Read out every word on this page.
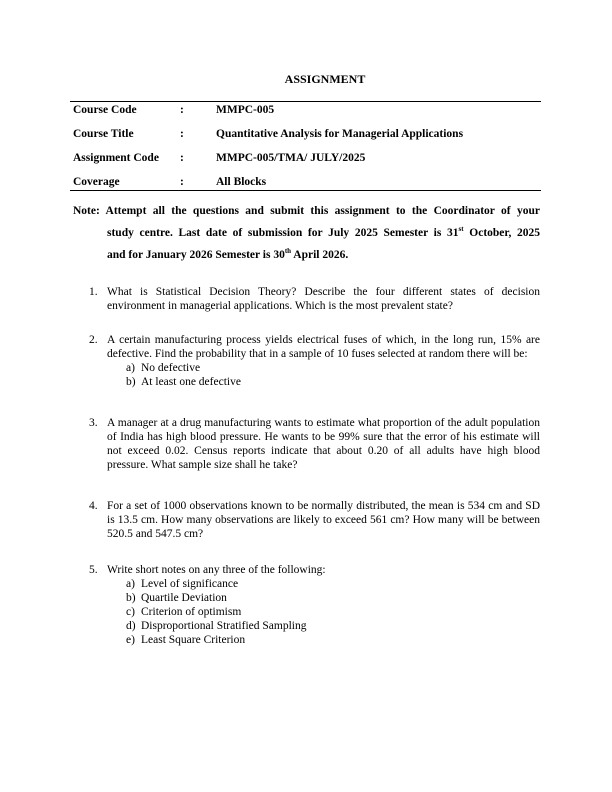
ASSIGNMENT
Course Code	:	MMPC-005
Course Title	:	Quantitative Analysis for Managerial Applications
Assignment Code :	MMPC-005/TMA/ JULY/2025
Coverage	:	All Blocks
Note: Attempt all the questions and submit this assignment to the Coordinator of your
study centre. Last date of submission for July 2025 Semester is 31st October, 2025
and for January 2026 Semester is 30th April 2026.
1. What is Statistical Decision Theory? Describe the four different states of decision environment in managerial applications. Which is the most prevalent state?
2. A certain manufacturing process yields electrical fuses of which, in the long run, 15% are defective. Find the probability that in a sample of 10 fuses selected at random there will be:
a) No defective
b) At least one defective
3. A manager at a drug manufacturing wants to estimate what proportion of the adult population of India has high blood pressure. He wants to be 99% sure that the error of his estimate will not exceed 0.02. Census reports indicate that about 0.20 of all adults have high blood pressure. What sample size shall he take?
4. For a set of 1000 observations known to be normally distributed, the mean is 534 cm and SD is 13.5 cm. How many observations are likely to exceed 561 cm? How many will be between 520.5 and 547.5 cm?
5. Write short notes on any three of the following:
a) Level of significance
b) Quartile Deviation
c) Criterion of optimism
d) Disproportional Stratified Sampling
e) Least Square Criterion
